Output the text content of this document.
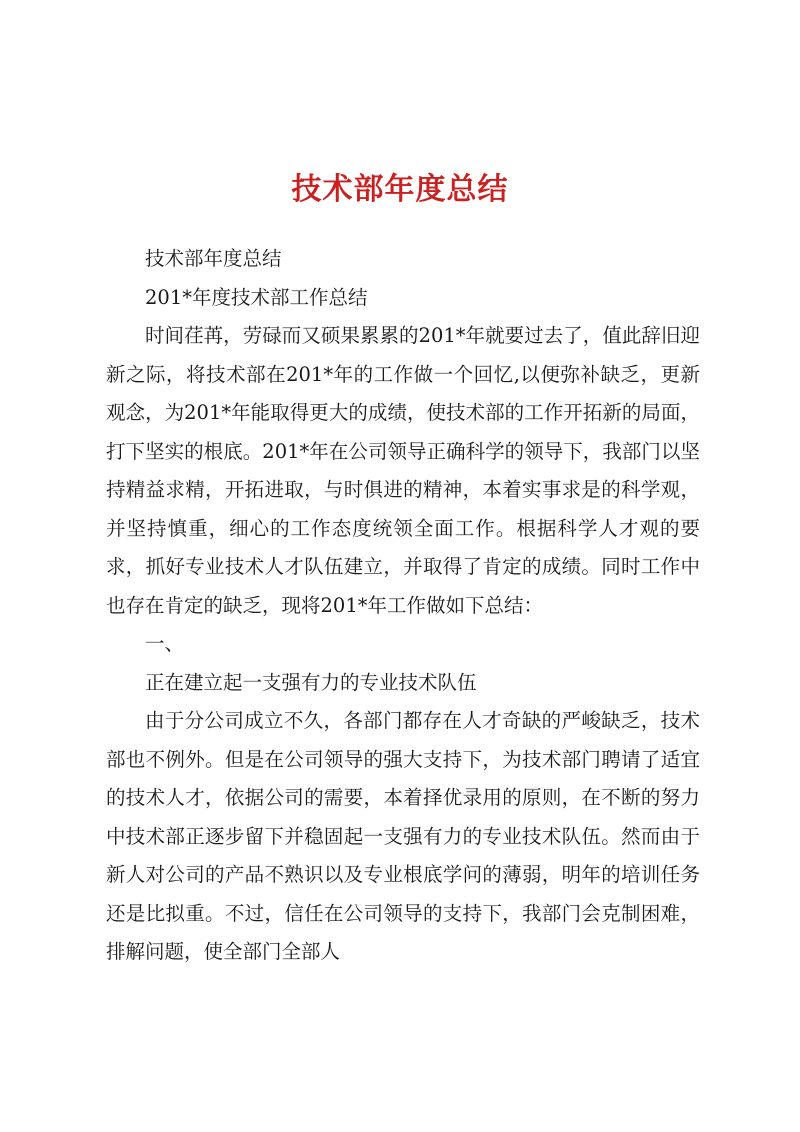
技术部年度总结

技术部年度总结

201*年度技术部工作总结

时间荏苒，劳碌而又硕果累累的201*年就要过去了，值此辞旧迎新之际，将技术部在201*年的工作做一个回忆,以便弥补缺乏，更新观念，为201*年能取得更大的成绩，使技术部的工作开拓新的局面，打下坚实的根底。201*年在公司领导正确科学的领导下，我部门以坚持精益求精，开拓进取，与时俱进的精神，本着实事求是的科学观，并坚持慎重，细心的工作态度统领全面工作。根据科学人才观的要求，抓好专业技术人才队伍建立，并取得了肯定的成绩。同时工作中也存在肯定的缺乏，现将201*年工作做如下总结：

一、

正在建立起一支强有力的专业技术队伍

由于分公司成立不久，各部门都存在人才奇缺的严峻缺乏，技术部也不例外。但是在公司领导的强大支持下，为技术部门聘请了适宜的技术人才，依据公司的需要，本着择优录用的原则，在不断的努力中技术部正逐步留下并稳固起一支强有力的专业技术队伍。然而由于新人对公司的产品不熟识以及专业根底学问的薄弱，明年的培训任务还是比拟重。不过，信任在公司领导的支持下，我部门会克制困难，排解问题，使全部门全部人
